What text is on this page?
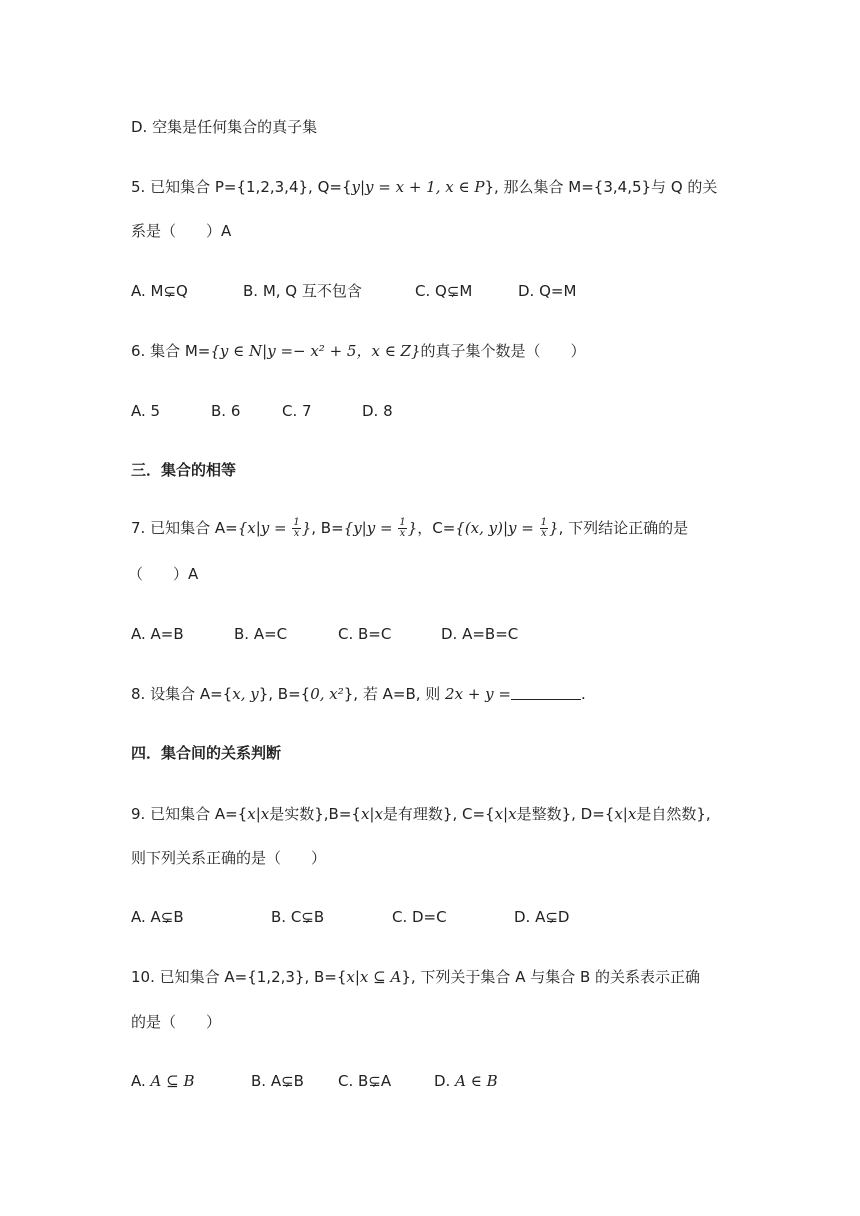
D. 空集是任何集合的真子集
5. 已知集合 P={1,2,3,4}, Q={y|y = x + 1, x ∈ P}, 那么集合 M={3,4,5}与 Q 的关
系是（　　）A
A. M⊊Q	B. M, Q 互不包含	C. Q⊊M	D. Q=M
6. 集合 M={y ∈ N|y =− x² + 5，x ∈ Z}的真子集个数是（　　）
A. 5	B. 6	C. 7	D. 8
三．集合的相等
7. 已知集合 $A=\{x|y = \frac{1}{x}$ }, $B=\{y|y = \frac{1}{x}$ }，C={(x, $y)|y = \frac{1}{x}$ }, 下列结论正确的是
（　　）A
A. A=B	B. A=C	C. B=C	D. A=B=C
8. 设集合 A={x, y}, B={0, x²}, 若 A=B, 则 2x + y =	.
四．集合间的关系判断
9. 已知集合 A={x|x是实数},B={x|x是有理数}, C={x|x是整数}, D={x|x是自然数},
则下列关系正确的是（　　）
A. A⊊B	B. C⊊B	C. D=C	D. A⊊D
10. 已知集合 A={1,2,3}, B={x|x ⊆ A}, 下列关于集合 A 与集合 B 的关系表示正确
的是（　　）
A. A ⊆ B	B. A⊊B C. B⊊A	D. A ∈ B
